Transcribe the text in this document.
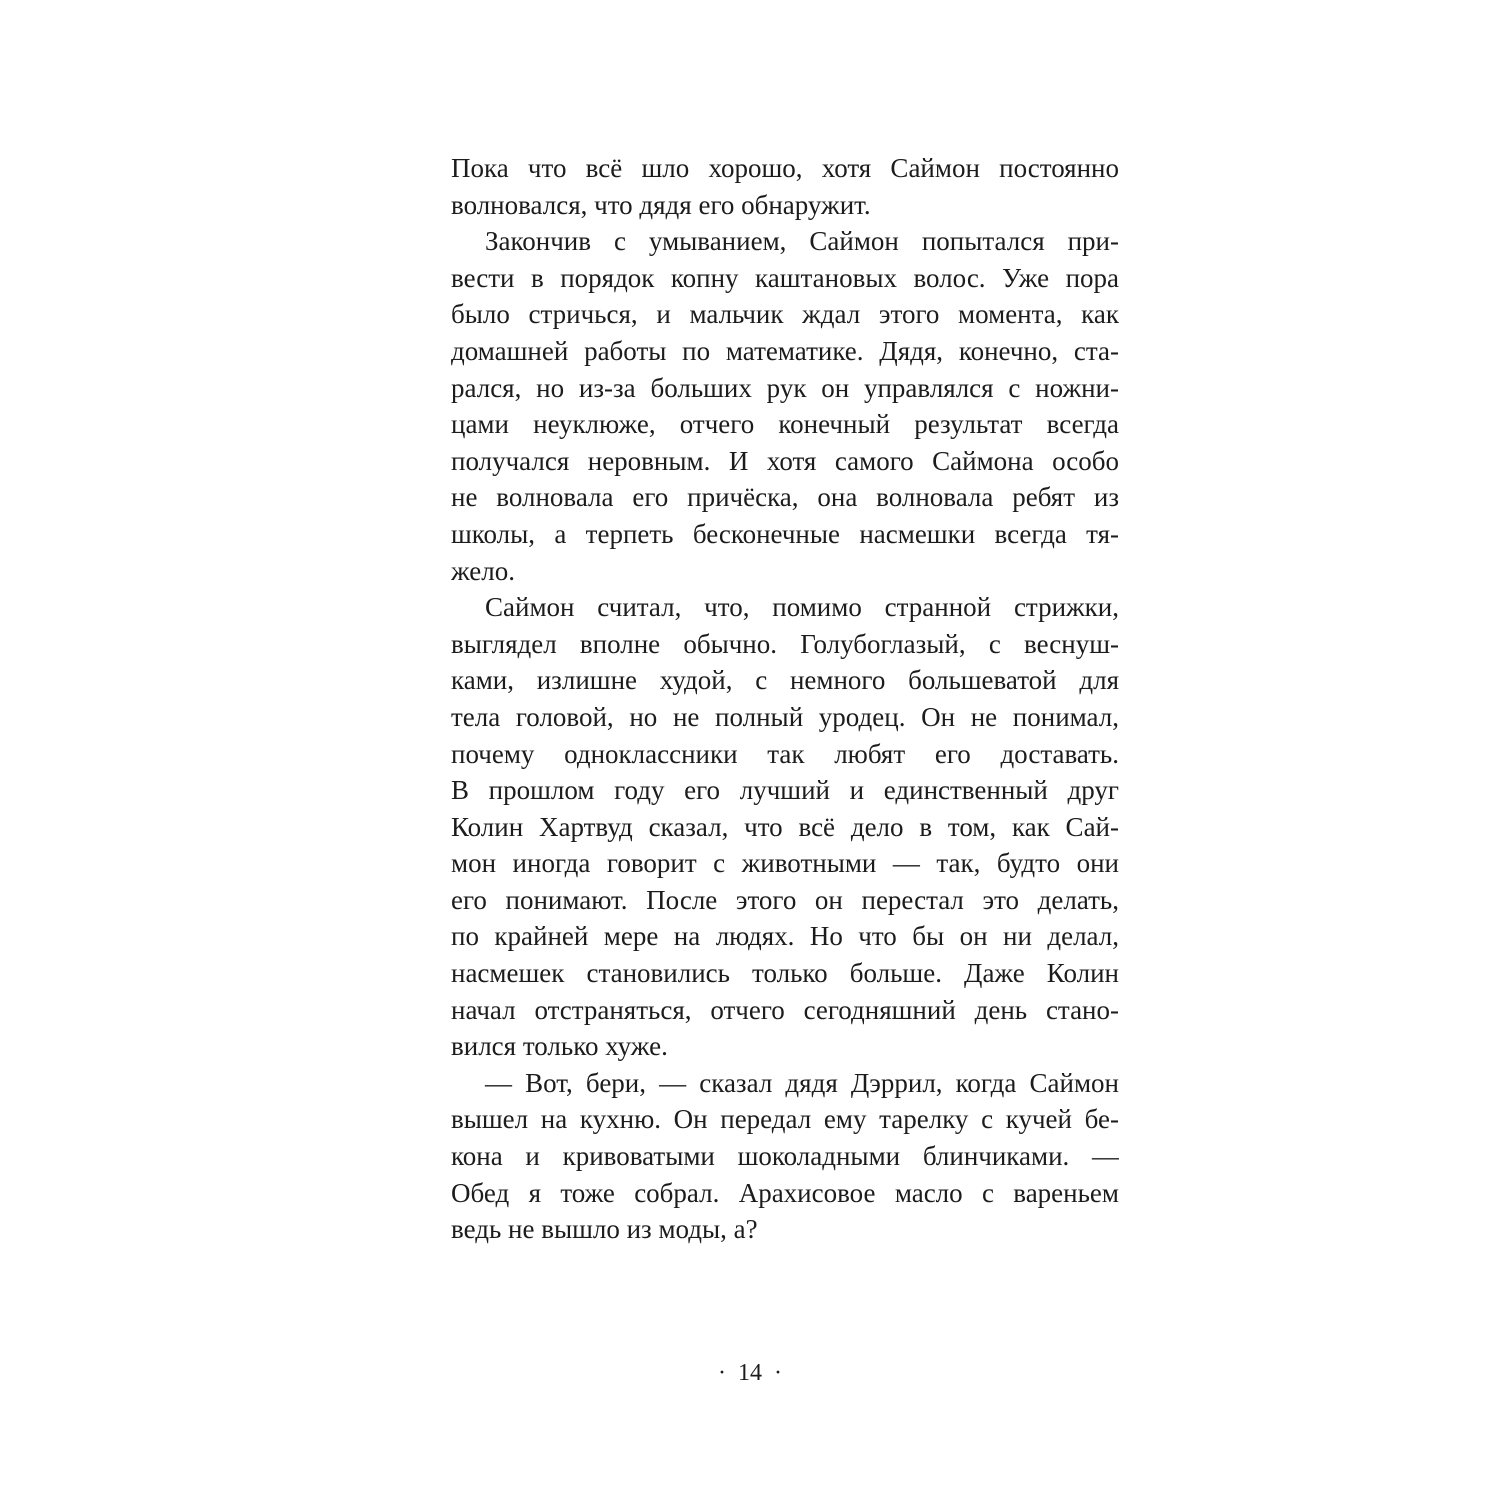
Пока что всё шло хорошо, хотя Саймон постоянно
волновался, что дядя его обнаружит.
Закончив с умыванием, Саймон попытался при-
вести в порядок копну каштановых волос. Уже пора
было стричься, и мальчик ждал этого момента, как
домашней работы по математике. Дядя, конечно, ста-
рался, но из-за больших рук он управлялся с ножни-
цами неуклюже, отчего конечный результат всегда
получался неровным. И хотя самого Саймона особо
не волновала его причёска, она волновала ребят из
школы, а терпеть бесконечные насмешки всегда тя-
жело.
Саймон считал, что, помимо странной стрижки,
выглядел вполне обычно. Голубоглазый, с веснуш-
ками, излишне худой, с немного большеватой для
тела головой, но не полный уродец. Он не понимал,
почему одноклассники так любят его доставать.
В прошлом году его лучший и единственный друг
Колин Хартвуд сказал, что всё дело в том, как Сай-
мон иногда говорит с животными — так, будто они
его понимают. После этого он перестал это делать,
по крайней мере на людях. Но что бы он ни делал,
насмешек становились только больше. Даже Колин
начал отстраняться, отчего сегодняшний день стано-
вился только хуже.
— Вот, бери, — сказал дядя Дэррил, когда Саймон
вышел на кухню. Он передал ему тарелку с кучей бе-
кона и кривоватыми шоколадными блинчиками. —
Обед я тоже собрал. Арахисовое масло с вареньем
ведь не вышло из моды, а?
·  14  ·
